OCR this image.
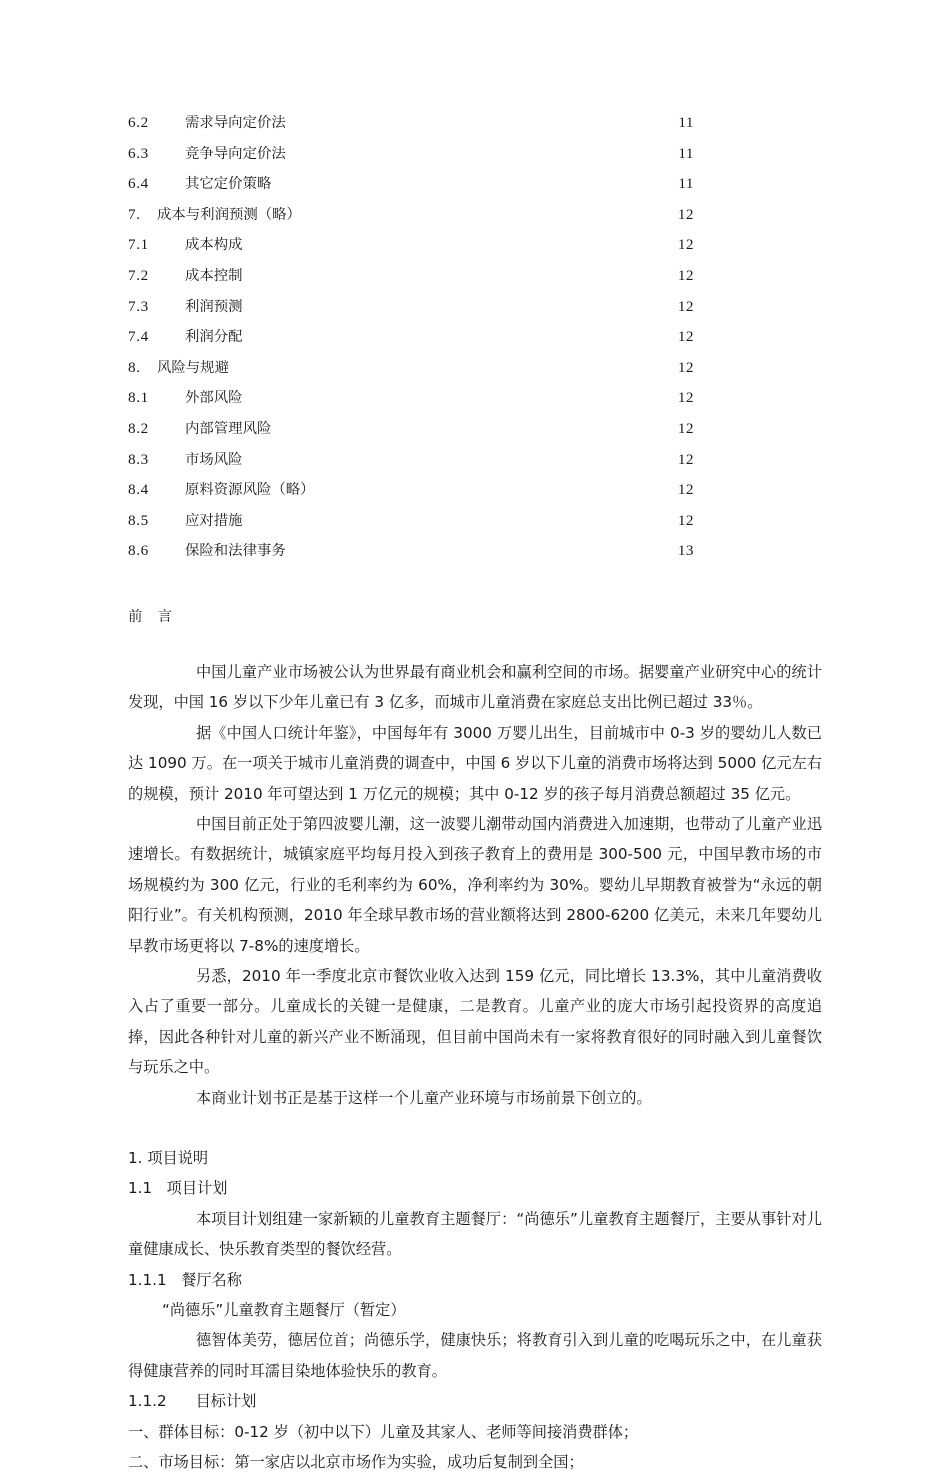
6.2	需求导向定价法 ·····	11
6.3	竞争导向定价法 ·····	11
6.4	其它定价策略 ·····	11
7.	成本与利润预测（略） ·····	12
7.1	成本构成 ·····	12
7.2	成本控制 ·····	12
7.3	利润预测 ·····	12
7.4	利润分配 ·····	12
8.	风险与规避 ·····	12
8.1	外部风险 ·····	12
8.2	内部管理风险 ·····	12
8.3	市场风险 ·····	12
8.4	原料资源风险（略） ·····	12
8.5	应对措施 ·····	12
8.6	保险和法律事务 ·····	13
前　言

中国儿童产业市场被公认为世界最有商业机会和赢利空间的市场。据婴童产业研究中心的统计发现，中国 16 岁以下少年儿童已有 3 亿多，而城市儿童消费在家庭总支出比例已超过 33％。

据《中国人口统计年鉴》，中国每年有 3000 万婴儿出生，目前城市中 0-3 岁的婴幼儿人数已达 1090 万。在一项关于城市儿童消费的调查中，中国 6 岁以下儿童的消费市场将达到 5000 亿元左右的规模，预计 2010 年可望达到 1 万亿元的规模；其中 0-12 岁的孩子每月消费总额超过 35 亿元。

中国目前正处于第四波婴儿潮，这一波婴儿潮带动国内消费进入加速期，也带动了儿童产业迅速增长。有数据统计，城镇家庭平均每月投入到孩子教育上的费用是 300-500 元，中国早教市场的市场规模约为 300 亿元，行业的毛利率约为 60%，净利率约为 30%。婴幼儿早期教育被誉为“永远的朝阳行业”。有关机构预测，2010 年全球早教市场的营业额将达到 2800-6200 亿美元，未来几年婴幼儿早教市场更将以 7-8%的速度增长。

另悉，2010 年一季度北京市餐饮业收入达到 159 亿元，同比增长 13.3%，其中儿童消费收入占了重要一部分。儿童成长的关键一是健康，二是教育。儿童产业的庞大市场引起投资界的高度追捧，因此各种针对儿童的新兴产业不断涌现，但目前中国尚未有一家将教育很好的同时融入到儿童餐饮与玩乐之中。

本商业计划书正是基于这样一个儿童产业环境与市场前景下创立的。

1. 项目说明
1.1   项目计划

本项目计划组建一家新颖的儿童教育主题餐厅：“尚德乐”儿童教育主题餐厅，主要从事针对儿童健康成长、快乐教育类型的餐饮经营。

1.1.1   餐厅名称

“尚德乐”儿童教育主题餐厅（暂定）

德智体美劳，德居位首；尚德乐学，健康快乐；将教育引入到儿童的吃喝玩乐之中，在儿童获得健康营养的同时耳濡目染地体验快乐的教育。

1.1.2      目标计划

一、群体目标：0-12 岁（初中以下）儿童及其家人、老师等间接消费群体；

二、市场目标：第一家店以北京市场作为实验，成功后复制到全国；
